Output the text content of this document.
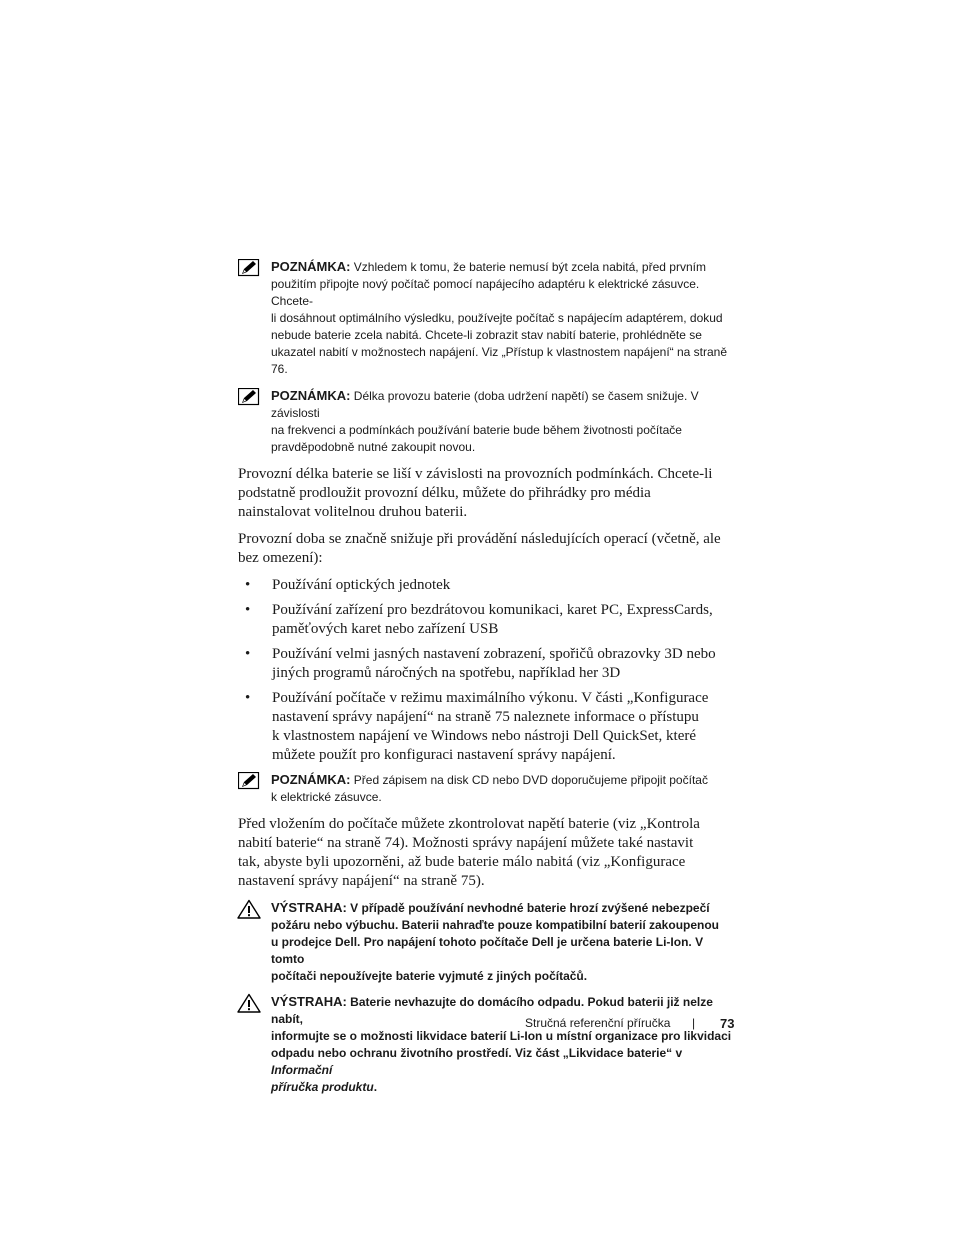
POZNÁMKA: Vzhledem k tomu, že baterie nemusí být zcela nabitá, před prvním
použitím připojte nový počítač pomocí napájecího adaptéru k elektrické zásuvce. Chcete-
li dosáhnout optimálního výsledku, používejte počítač s napájecím adaptérem, dokud
nebude baterie zcela nabitá. Chcete-li zobrazit stav nabití baterie, prohlédněte se
ukazatel nabití v možnostech napájení. Viz „Přístup k vlastnostem napájení“ na straně 76.
POZNÁMKA: Délka provozu baterie (doba udržení napětí) se časem snižuje. V závislosti
na frekvenci a podmínkách používání baterie bude během životnosti počítače
pravděpodobně nutné zakoupit novou.

Provozní délka baterie se liší v závislosti na provozních podmínkách. Chcete-li
podstatně prodloužit provozní délku, můžete do přihrádky pro média
nainstalovat volitelnou druhou baterii.

Provozní doba se značně snižuje při provádění následujících operací (včetně, ale
bez omezení):

• Používání optických jednotek
• Používání zařízení pro bezdrátovou komunikaci, karet PC, ExpressCards,
paměťových karet nebo zařízení USB
• Používání velmi jasných nastavení zobrazení, spořičů obrazovky 3D nebo
jiných programů náročných na spotřebu, například her 3D
• Používání počítače v režimu maximálního výkonu. V části „Konfigurace
nastavení správy napájení“ na straně 75 naleznete informace o přístupu
k vlastnostem napájení ve Windows nebo nástroji Dell QuickSet, které
můžete použít pro konfiguraci nastavení správy napájení.
POZNÁMKA: Před zápisem na disk CD nebo DVD doporučujeme připojit počítač
k elektrické zásuvce.

Před vložením do počítače můžete zkontrolovat napětí baterie (viz „Kontrola
nabití baterie“ na straně 74). Možnosti správy napájení můžete také nastavit
tak, abyste byli upozorněni, až bude baterie málo nabitá (viz „Konfigurace
nastavení správy napájení“ na straně 75).

VÝSTRAHA: V případě používání nevhodné baterie hrozí zvýšené nebezpečí
požáru nebo výbuchu. Baterii nahraďte pouze kompatibilní baterií zakoupenou
u prodejce Dell. Pro napájení tohoto počítače Dell je určena baterie Li-Ion. V tomto
počítači nepoužívejte baterie vyjmuté z jiných počítačů.
VÝSTRAHA: Baterie nevhazujte do domácího odpadu. Pokud baterii již nelze nabít,
informujte se o možnosti likvidace baterií Li-Ion u místní organizace pro likvidaci
odpadu nebo ochranu životního prostředí. Viz část „Likvidace baterie“ v Informační
příručka produktu.
Stručná referenční příručka | 73
